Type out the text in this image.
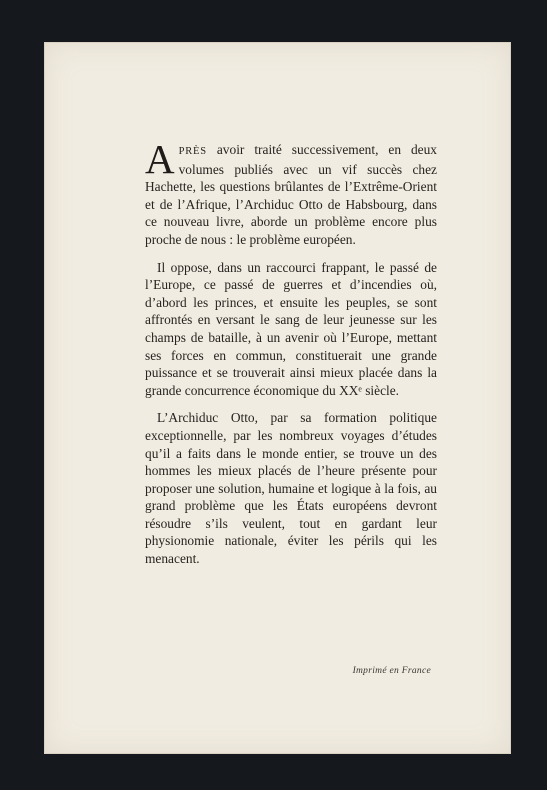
APRÈS avoir traité successivement, en deux volumes publiés avec un vif succès chez Hachette, les questions brûlantes de l’Extrême-Orient et de l’Afrique, l’Archiduc Otto de Habsbourg, dans ce nouveau livre, aborde un problème encore plus proche de nous : le problème européen.

Il oppose, dans un raccourci frappant, le passé de l’Europe, ce passé de guerres et d’incendies où, d’abord les princes, et ensuite les peuples, se sont affrontés en versant le sang de leur jeunesse sur les champs de bataille, à un avenir où l’Europe, mettant ses forces en commun, constituerait une grande puissance et se trouverait ainsi mieux placée dans la grande concurrence économique du XXᵉ siècle.

L’Archiduc Otto, par sa formation politique exceptionnelle, par les nombreux voyages d’études qu’il a faits dans le monde entier, se trouve un des hommes les mieux placés de l’heure présente pour proposer une solution, humaine et logique à la fois, au grand problème que les États européens devront résoudre s’ils veulent, tout en gardant leur physionomie nationale, éviter les périls qui les menacent.

Imprimé en France
